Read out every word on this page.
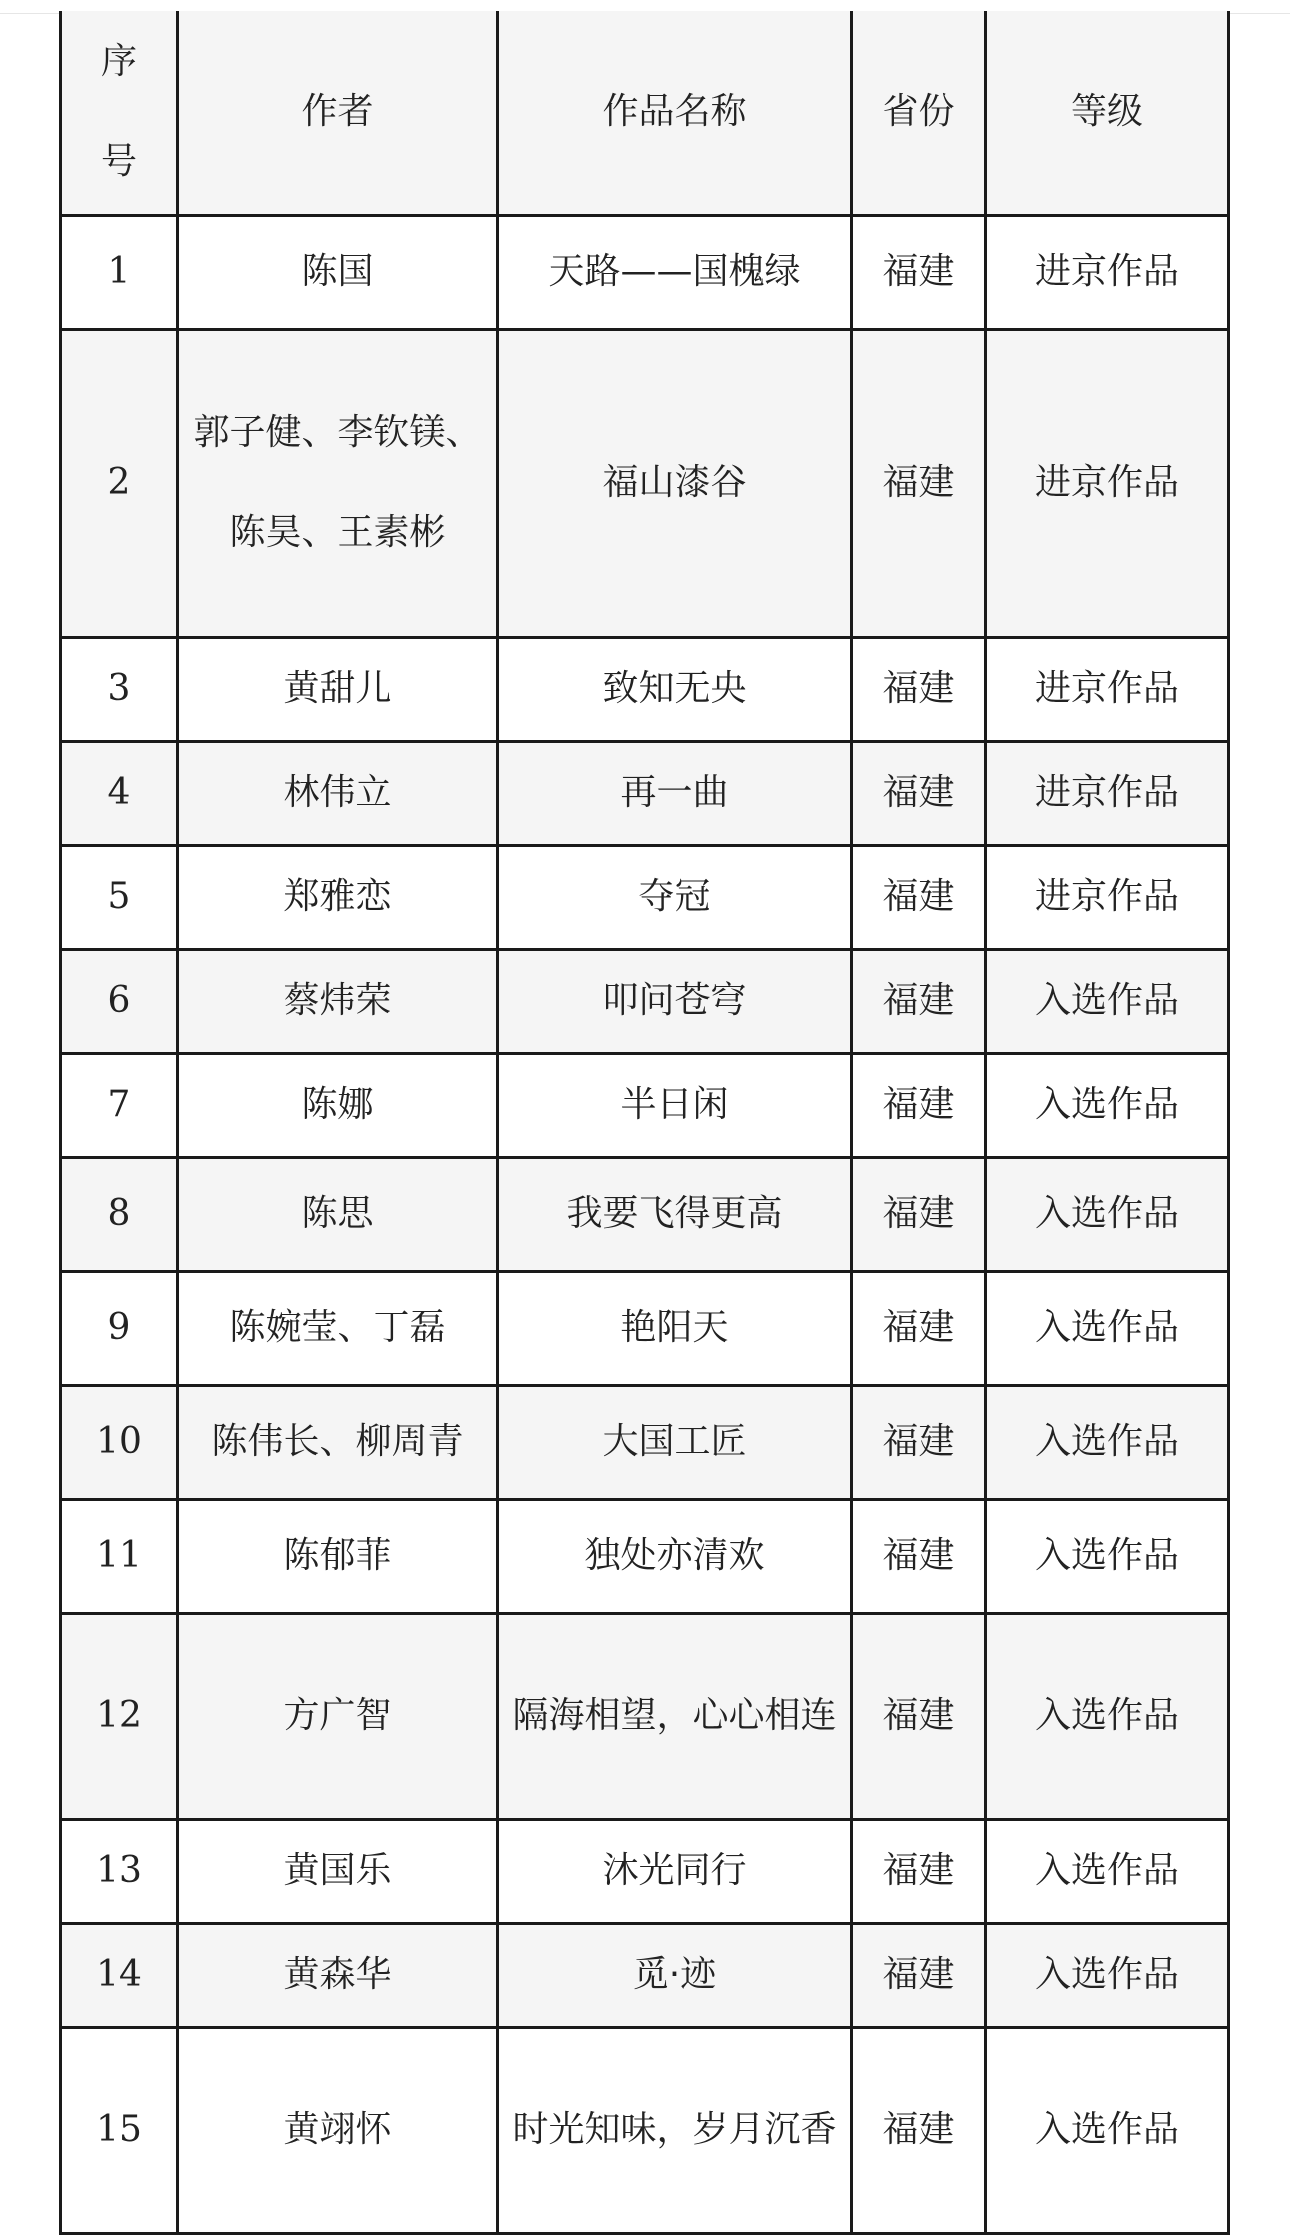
序号	作者	作品名称	省份	等级
1	陈国	天路——国槐绿	福建	进京作品
2	郭子健、李钦镁、陈昊、王素彬	福山漆谷	福建	进京作品
3	黄甜儿	致知无央	福建	进京作品
4	林伟立	再一曲	福建	进京作品
5	郑雅恋	夺冠	福建	进京作品
6	蔡炜荣	叩问苍穹	福建	入选作品
7	陈娜	半日闲	福建	入选作品
8	陈思	我要飞得更高	福建	入选作品
9	陈婉莹、丁磊	艳阳天	福建	入选作品
10	陈伟长、柳周青	大国工匠	福建	入选作品
11	陈郁菲	独处亦清欢	福建	入选作品
12	方广智	隔海相望，心心相连	福建	入选作品
13	黄国乐	沐光同行	福建	入选作品
14	黄森华	觅·迹	福建	入选作品
15	黄翊怀	时光知味，岁月沉香	福建	入选作品
